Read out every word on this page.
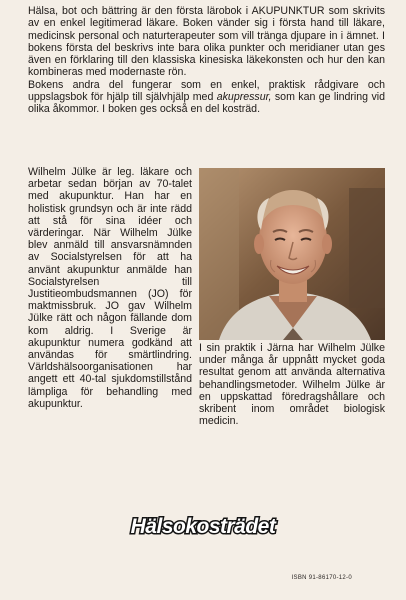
Hälsa, bot och bättring är den första lärobok i AKUPUNKTUR som skrivits av en enkel legitimerad läkare. Boken vänder sig i första hand till läkare, medicinsk personal och naturterapeuter som vill tränga djupare in i ämnet. I bokens första del beskrivs inte bara olika punkter och meridianer utan ges även en förklaring till den klassiska kinesiska läkekonsten och hur den kan kombineras med modernaste rön.

Bokens andra del fungerar som en enkel, praktisk rådgivare och uppslagsbok för hjälp till självhjälp med akupressur, som kan ge lindring vid olika åkommor. I boken ges också en del kosträd.

Wilhelm Jülke är leg. läkare och arbetar sedan början av 70-talet med akupunktur. Han har en holistisk grundsyn och är inte rädd att stå för sina idéer och värderingar. När Wilhelm Jülke blev anmäld till ansvarsnämnden av Socialstyrelsen för att ha använt akupunktur anmälde han Socialstyrelsen till Justitieombudsmannen (JO) för maktmissbruk. JO gav Wilhelm Jülke rätt och någon fällande dom kom aldrig. I Sverige är akupunktur numera godkänd att användas för smärtlindring. Världshälsoorganisationen har angett ett 40-tal sjukdomstillstånd lämpliga för behandling med akupunktur.
I sin praktik i Järna har Wilhelm Jülke under många år uppnått mycket goda resultat genom att använda alternativa behandlingsmetoder. Wilhelm Jülke är en uppskattad föredragshållare och skribent inom området biologisk medicin.
Hälsokosträdet
ISBN 91-86170-12-0
